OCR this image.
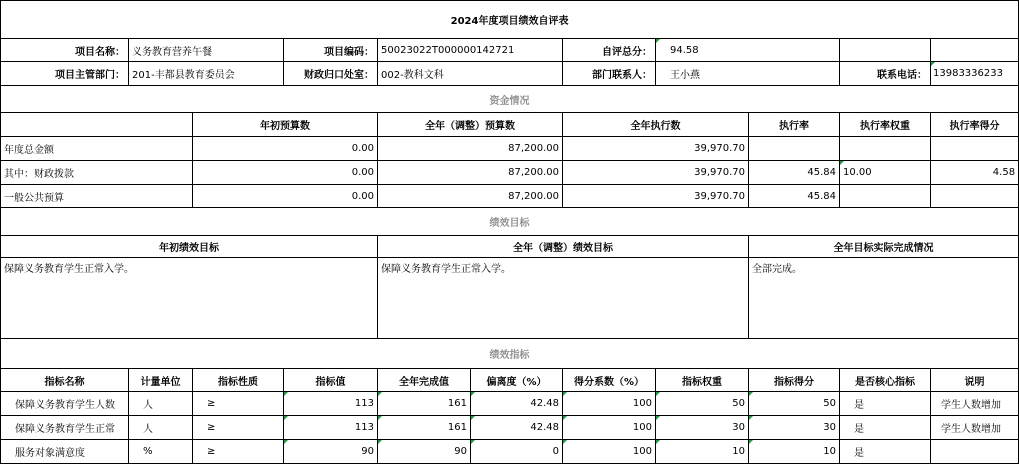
2024年度项目绩效自评表										
项目名称：	义务教育营养午餐		项目编码：	50023022T000000142721		自评总分：	94.58			
项目主管部门：	201-丰都县教育委员会		财政归口处室：	002-教科文科		部门联系人：	王小燕		联系电话：	13983336233
资金情况										
		年初预算数		全年（调整）预算数		全年执行数		执行率	执行率权重	执行率得分
年度总金额		0.00		87,200.00		39,970.70				
其中：财政拨款		0.00		87,200.00		39,970.70		45.84	10.00	4.58
一般公共预算		0.00		87,200.00		39,970.70		45.84		
绩效目标										
年初绩效目标				全年（调整）绩效目标				全年目标实际完成情况		
保障义务教育学生正常入学。				保障义务教育学生正常入学。				全部完成。		
绩效指标										
指标名称	计量单位	指标性质	指标值	全年完成值	偏离度（%）	得分系数（%）	指标权重	指标得分	是否核心指标	说明
保障义务教育学生人数	人	≥	113	161	42.48	100	50	50	是	学生人数增加
保障义务教育学生正常	人	≥	113	161	42.48	100	30	30	是	学生人数增加
服务对象满意度	%	≥	90	90	0	100	10	10	是	
